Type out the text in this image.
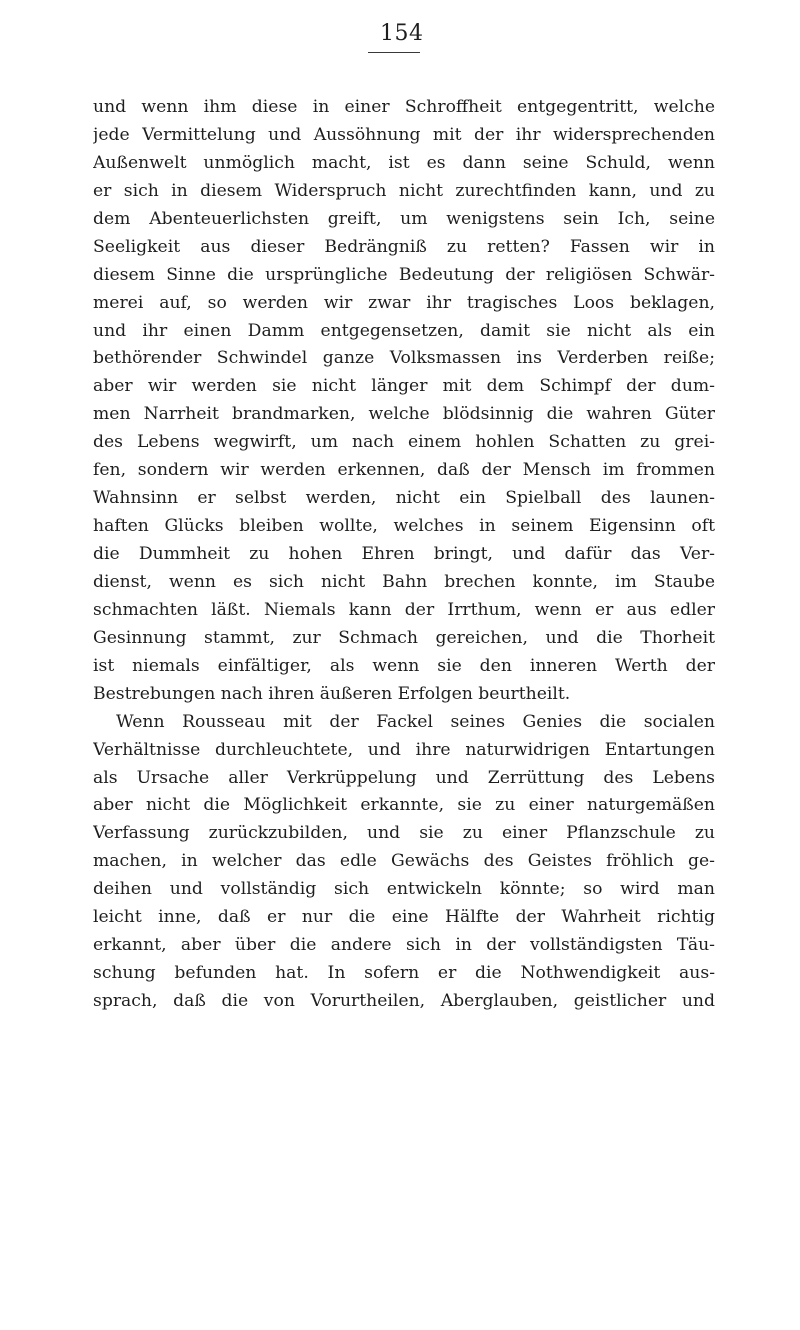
154
und wenn ihm diese in einer Schroffheit entgegentritt, welche
jede Vermittelung und Aussöhnung mit der ihr widersprechenden
Außenwelt unmöglich macht, ist es dann seine Schuld, wenn
er sich in diesem Widerspruch nicht zurechtfinden kann, und zu
dem Abenteuerlichsten greift, um wenigstens sein Ich, seine
Seeligkeit aus dieser Bedrängniß zu retten? Fassen wir in
diesem Sinne die ursprüngliche Bedeutung der religiösen Schwär-
merei auf, so werden wir zwar ihr tragisches Loos beklagen,
und ihr einen Damm entgegensetzen, damit sie nicht als ein
bethörender Schwindel ganze Volksmassen ins Verderben reiße;
aber wir werden sie nicht länger mit dem Schimpf der dum-
men Narrheit brandmarken, welche blödsinnig die wahren Güter
des Lebens wegwirft, um nach einem hohlen Schatten zu grei-
fen, sondern wir werden erkennen, daß der Mensch im frommen
Wahnsinn er selbst werden, nicht ein Spielball des launen-
haften Glücks bleiben wollte, welches in seinem Eigensinn oft
die Dummheit zu hohen Ehren bringt, und dafür das Ver-
dienst, wenn es sich nicht Bahn brechen konnte, im Staube
schmachten läßt. Niemals kann der Irrthum, wenn er aus edler
Gesinnung stammt, zur Schmach gereichen, und die Thorheit
ist niemals einfältiger, als wenn sie den inneren Werth der
Bestrebungen nach ihren äußeren Erfolgen beurtheilt.
Wenn Rousseau mit der Fackel seines Genies die socialen
Verhältnisse durchleuchtete, und ihre naturwidrigen Entartungen
als Ursache aller Verkrüppelung und Zerrüttung des Lebens
aber nicht die Möglichkeit erkannte, sie zu einer naturgemäßen
Verfassung zurückzubilden, und sie zu einer Pflanzschule zu
machen, in welcher das edle Gewächs des Geistes fröhlich ge-
deihen und vollständig sich entwickeln könnte; so wird man
leicht inne, daß er nur die eine Hälfte der Wahrheit richtig
erkannt, aber über die andere sich in der vollständigsten Täu-
schung befunden hat. In sofern er die Nothwendigkeit aus-
sprach, daß die von Vorurtheilen, Aberglauben, geistlicher und
